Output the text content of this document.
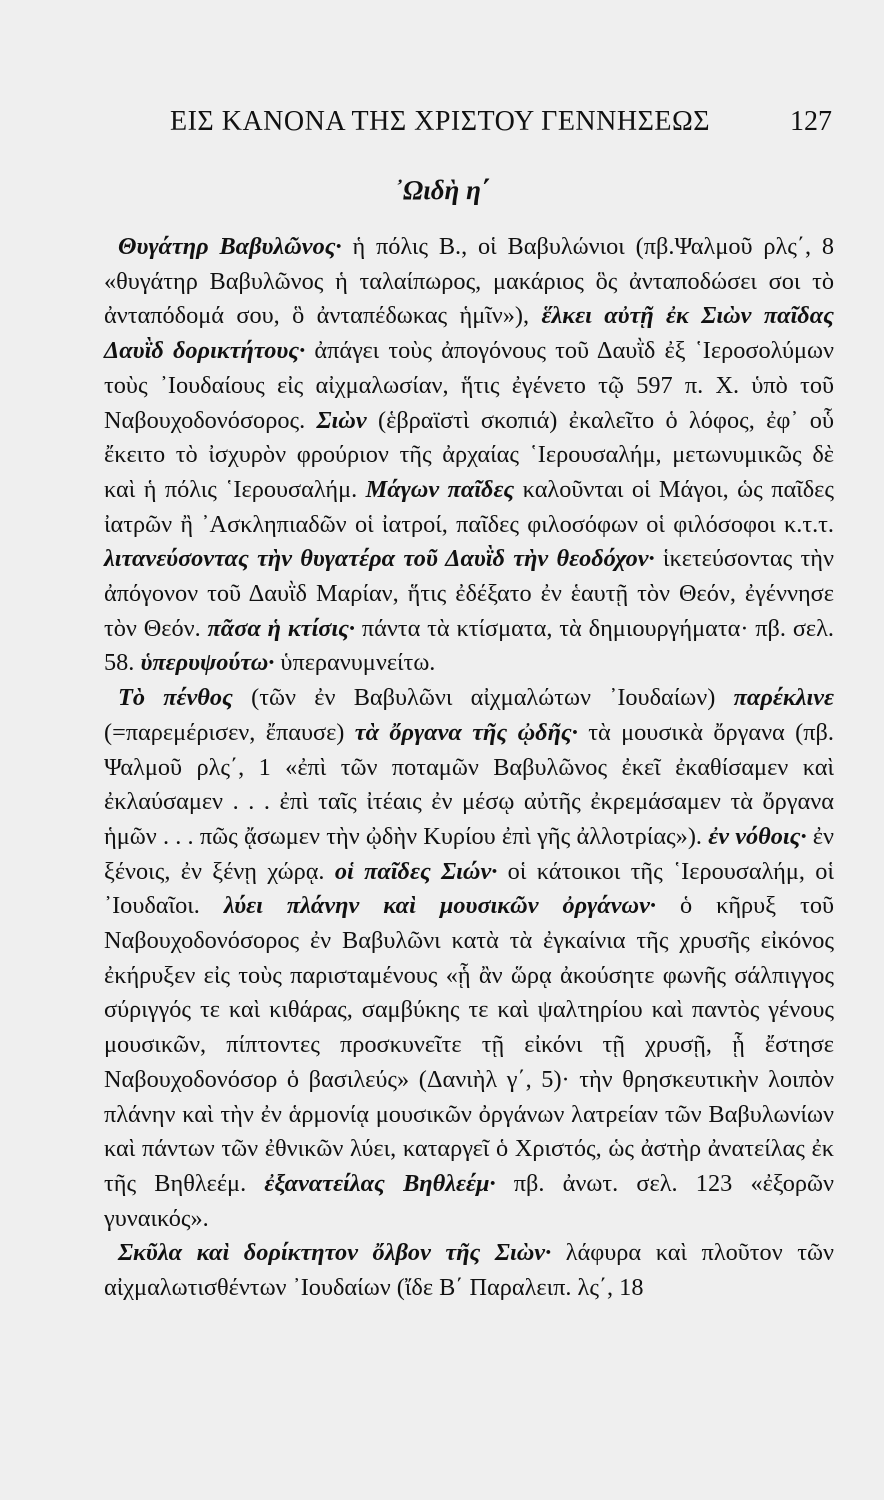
ΕΙΣ ΚΑΝΟΝΑ ΤΗΣ ΧΡΙΣΤΟΥ ΓΕΝΝΗΣΕΩΣ	127
᾿Ωιδὴ η΄

Θυγάτηρ Βαβυλῶνος· ἡ πόλις Β., οἱ Βαβυλώνιοι (πβ.Ψαλμοῦ ρλς΄, 8 «θυγάτηρ Βαβυλῶνος ἡ ταλαίπωρος, μακάριος ὃς ἀνταποδώσει σοι τὸ ἀνταπόδομά σου, ὃ ἀνταπέδωκας ἡμῖν»), ἕλκει αὐτῇ ἐκ Σιὼν παῖδας Δαυῒδ δορικτήτους· ἀπάγει τοὺς ἀπογόνους τοῦ Δαυῒδ ἐξ ῾Ιεροσολύμων τοὺς ᾿Ιουδαίους εἰς αἰχμαλωσίαν, ἥτις ἐγένετο τῷ 597 π. Χ. ὑπὸ τοῦ Ναβουχοδονόσορος. Σιὼν (ἑβραϊστὶ σκοπιά) ἐκαλεῖτο ὁ λόφος, ἐφ᾿ οὗ ἔκειτο τὸ ἰσχυρὸν φρούριον τῆς ἀρχαίας ῾Ιερουσαλήμ, μετωνυμικῶς δὲ καὶ ἡ πόλις ῾Ιερουσαλήμ. Μάγων παῖδες καλοῦνται οἱ Μάγοι, ὡς παῖδες ἰατρῶν ἢ ᾿Ασκληπιαδῶν οἱ ἰατροί, παῖδες φιλοσόφων οἱ φιλόσοφοι κ.τ.τ. λιτανεύσοντας τὴν θυγατέρα τοῦ Δαυῒδ τὴν θεοδόχον· ἱκετεύσοντας τὴν ἀπόγονον τοῦ Δαυῒδ Μαρίαν, ἥτις ἐδέξατο ἐν ἑαυτῇ τὸν Θεόν, ἐγέννησε τὸν Θεόν. πᾶσα ἡ κτίσις· πάντα τὰ κτίσματα, τὰ δημιουργήματα· πβ. σελ. 58. ὑπερυψούτω· ὑπερανυμνείτω.

Τὸ πένθος (τῶν ἐν Βαβυλῶνι αἰχμαλώτων ᾿Ιουδαίων) παρέκλινε (=παρεμέρισεν, ἔπαυσε) τὰ ὄργανα τῆς ᾠδῆς· τὰ μουσικὰ ὄργανα (πβ. Ψαλμοῦ ρλς΄, 1 «ἐπὶ τῶν ποταμῶν Βαβυλῶνος ἐκεῖ ἐκαθίσαμεν καὶ ἐκλαύσαμεν . . . ἐπὶ ταῖς ἰτέαις ἐν μέσῳ αὐτῆς ἐκρεμάσαμεν τὰ ὄργανα ἡμῶν . . . πῶς ᾄσωμεν τὴν ᾠδὴν Κυρίου ἐπὶ γῆς ἀλλοτρίας»). ἐν νόθοις· ἐν ξένοις, ἐν ξένῃ χώρᾳ. οἱ παῖδες Σιών· οἱ κάτοικοι τῆς ῾Ιερουσαλήμ, οἱ ᾿Ιουδαῖοι. λύει πλάνην καὶ μουσικῶν ὀργάνων· ὁ κῆρυξ τοῦ Ναβουχοδονόσορος ἐν Βαβυλῶνι κατὰ τὰ ἐγκαίνια τῆς χρυσῆς εἰκόνος ἐκήρυξεν εἰς τοὺς παρισταμένους «ᾗ ἂν ὥρᾳ ἀκούσητε φωνῆς σάλπιγγος σύριγγός τε καὶ κιθάρας, σαμβύκης τε καὶ ψαλτηρίου καὶ παντὸς γένους μουσικῶν, πίπτοντες προσκυνεῖτε τῇ εἰκόνι τῇ χρυσῇ, ᾗ ἔστησε Ναβουχοδονόσορ ὁ βασιλεύς» (Δανιὴλ γ΄, 5)· τὴν θρησκευτικὴν λοιπὸν πλάνην καὶ τὴν ἐν ἁρμονίᾳ μουσικῶν ὀργάνων λατρείαν τῶν Βαβυλωνίων καὶ πάντων τῶν ἐθνικῶν λύει, καταργεῖ ὁ Χριστός, ὡς ἀστὴρ ἀνατείλας ἐκ τῆς Βηθλεέμ. ἐξανατείλας Βηθλεέμ· πβ. ἀνωτ. σελ. 123 «ἐξορῶν γυναικός».

Σκῦλα καὶ δορίκτητον ὄλβον τῆς Σιὼν· λάφυρα καὶ πλοῦτον τῶν αἰχμαλωτισθέντων ᾿Ιουδαίων (ἴδε Β΄ Παραλειπ. λς΄, 18
